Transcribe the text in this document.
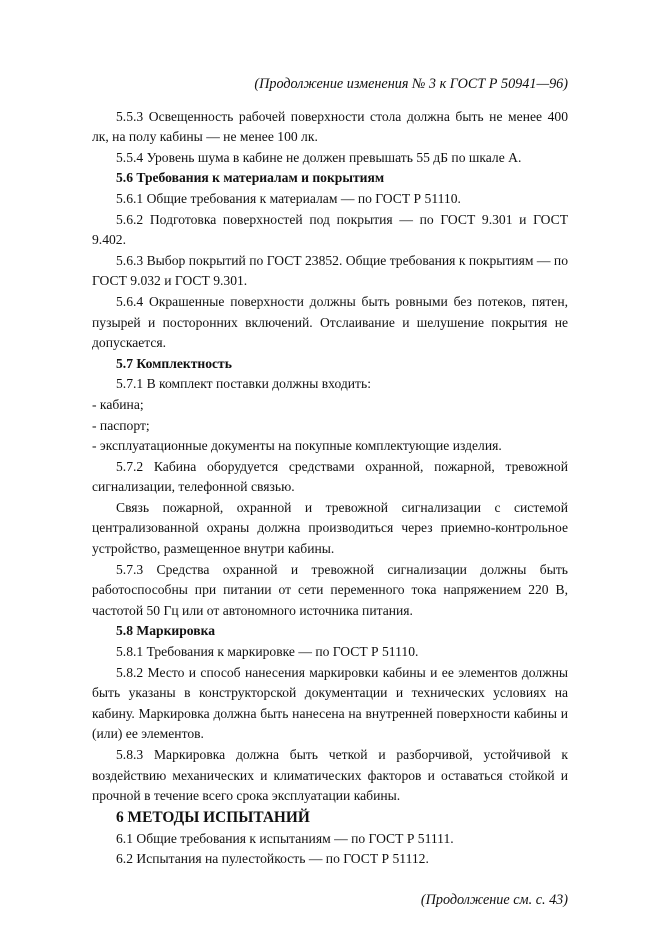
(Продолжение изменения № 3 к ГОСТ Р 50941—96)
5.5.3 Освещенность рабочей поверхности стола должна быть не менее 400 лк, на полу кабины — не менее 100 лк.
5.5.4 Уровень шума в кабине не должен превышать 55 дБ по шкале А.
5.6 Требования к материалам и покрытиям
5.6.1 Общие требования к материалам — по ГОСТ Р 51110.
5.6.2 Подготовка поверхностей под покрытия — по ГОСТ 9.301 и ГОСТ 9.402.
5.6.3 Выбор покрытий по ГОСТ 23852. Общие требования к покрытиям — по ГОСТ 9.032 и ГОСТ 9.301.
5.6.4 Окрашенные поверхности должны быть ровными без потеков, пятен, пузырей и посторонних включений. Отслаивание и шелушение покрытия не допускается.
5.7 Комплектность
5.7.1 В комплект поставки должны входить:
- кабина;
- паспорт;
- эксплуатационные документы на покупные комплектующие изделия.
5.7.2 Кабина оборудуется средствами охранной, пожарной, тревожной сигнализации, телефонной связью.
Связь пожарной, охранной и тревожной сигнализации с системой централизованной охраны должна производиться через приемно-контрольное устройство, размещенное внутри кабины.
5.7.3 Средства охранной и тревожной сигнализации должны быть работоспособны при питании от сети переменного тока напряжением 220 В, частотой 50 Гц или от автономного источника питания.
5.8 Маркировка
5.8.1 Требования к маркировке — по ГОСТ Р 51110.
5.8.2 Место и способ нанесения маркировки кабины и ее элементов должны быть указаны в конструкторской документации и технических условиях на кабину. Маркировка должна быть нанесена на внутренней поверхности кабины и (или) ее элементов.
5.8.3 Маркировка должна быть четкой и разборчивой, устойчивой к воздействию механических и климатических факторов и оставаться стойкой и прочной в течение всего срока эксплуатации кабины.
6 МЕТОДЫ ИСПЫТАНИЙ
6.1 Общие требования к испытаниям — по ГОСТ Р 51111.
6.2 Испытания на пулестойкость — по ГОСТ Р 51112.
(Продолжение см. с. 43)
